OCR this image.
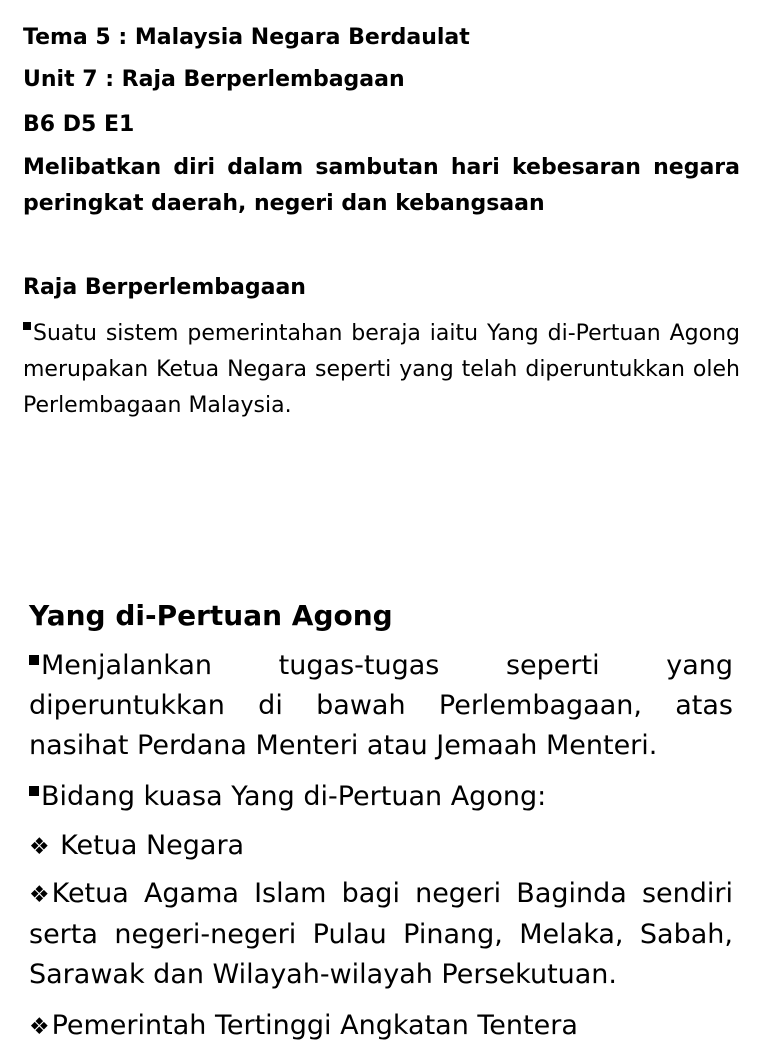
Tema 5 : Malaysia Negara Berdaulat

Unit 7 : Raja Berperlembagaan

B6 D5 E1

Melibatkan diri dalam sambutan hari kebesaran negara peringkat daerah, negeri dan kebangsaan

Raja Berperlembagaan

Suatu sistem pemerintahan beraja iaitu Yang di-Pertuan Agong merupakan Ketua Negara seperti yang telah diperuntukkan oleh Perlembagaan Malaysia.

Yang di-Pertuan Agong

Menjalankan tugas-tugas seperti yang diperuntukkan di bawah Perlembagaan, atas nasihat Perdana Menteri atau Jemaah Menteri.

Bidang kuasa Yang di-Pertuan Agong:

❖ Ketua Negara

❖Ketua Agama Islam bagi negeri Baginda sendiri serta negeri-negeri Pulau Pinang, Melaka, Sabah, Sarawak dan Wilayah-wilayah Persekutuan.

❖Pemerintah Tertinggi Angkatan Tentera
